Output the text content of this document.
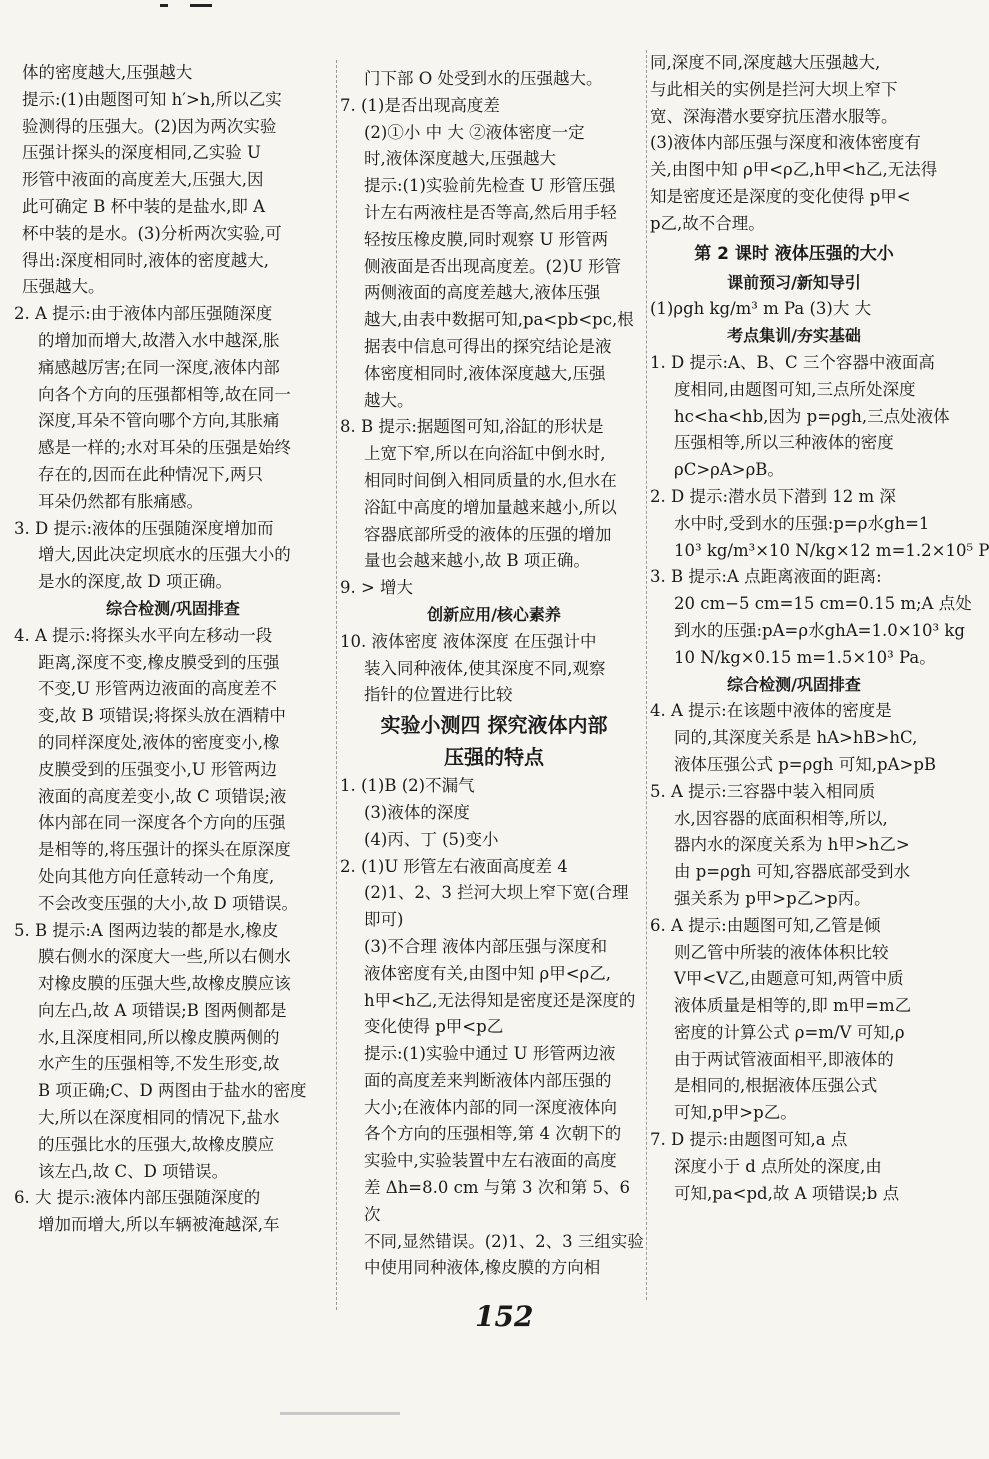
体的密度越大,压强越大

提示:(1)由题图可知 h′>h,所以乙实

验测得的压强大。(2)因为两次实验

压强计探头的深度相同,乙实验 U

形管中液面的高度差大,压强大,因

此可确定 B 杯中装的是盐水,即 A

杯中装的是水。(3)分析两次实验,可

得出:深度相同时,液体的密度越大,

压强越大。

2. A 提示:由于液体内部压强随深度

的增加而增大,故潜入水中越深,胀

痛感越厉害;在同一深度,液体内部

向各个方向的压强都相等,故在同一

深度,耳朵不管向哪个方向,其胀痛

感是一样的;水对耳朵的压强是始终

存在的,因而在此种情况下,两只

耳朵仍然都有胀痛感。

3. D 提示:液体的压强随深度增加而

增大,因此决定坝底水的压强大小的

是水的深度,故 D 项正确。

综合检测/巩固排查

4. A 提示:将探头水平向左移动一段

距离,深度不变,橡皮膜受到的压强

不变,U 形管两边液面的高度差不

变,故 B 项错误;将探头放在酒精中

的同样深度处,液体的密度变小,橡

皮膜受到的压强变小,U 形管两边

液面的高度差变小,故 C 项错误;液

体内部在同一深度各个方向的压强

是相等的,将压强计的探头在原深度

处向其他方向任意转动一个角度,

不会改变压强的大小,故 D 项错误。

5. B 提示:A 图两边装的都是水,橡皮

膜右侧水的深度大一些,所以右侧水

对橡皮膜的压强大些,故橡皮膜应该

向左凸,故 A 项错误;B 图两侧都是

水,且深度相同,所以橡皮膜两侧的

水产生的压强相等,不发生形变,故

B 项正确;C、D 两图由于盐水的密度

大,所以在深度相同的情况下,盐水

的压强比水的压强大,故橡皮膜应

该左凸,故 C、D 项错误。

6. 大 提示:液体内部压强随深度的

增加而增大,所以车辆被淹越深,车

门下部 O 处受到水的压强越大。

7. (1)是否出现高度差

(2)①小 中 大 ②液体密度一定

时,液体深度越大,压强越大

提示:(1)实验前先检查 U 形管压强

计左右两液柱是否等高,然后用手轻

轻按压橡皮膜,同时观察 U 形管两

侧液面是否出现高度差。(2)U 形管

两侧液面的高度差越大,液体压强

越大,由表中数据可知,pa<pb<pc,根

据表中信息可得出的探究结论是液

体密度相同时,液体深度越大,压强

越大。

8. B 提示:据题图可知,浴缸的形状是

上宽下窄,所以在向浴缸中倒水时,

相同时间倒入相同质量的水,但水在

浴缸中高度的增加量越来越小,所以

容器底部所受的液体的压强的增加

量也会越来越小,故 B 项正确。

9. > 增大

创新应用/核心素养

10. 液体密度 液体深度 在压强计中

装入同种液体,使其深度不同,观察

指针的位置进行比较

实验小测四 探究液体内部

压强的特点

1. (1)B (2)不漏气

(3)液体的深度

(4)丙、丁 (5)变小

2. (1)U 形管左右液面高度差 4

(2)1、2、3 拦河大坝上窄下宽(合理

即可)

(3)不合理 液体内部压强与深度和

液体密度有关,由图中知 ρ甲<ρ乙,

h甲<h乙,无法得知是密度还是深度的

变化使得 p甲<p乙

提示:(1)实验中通过 U 形管两边液

面的高度差来判断液体内部压强的

大小;在液体内部的同一深度液体向

各个方向的压强相等,第 4 次朝下的

实验中,实验装置中左右液面的高度

差 Δh=8.0 cm 与第 3 次和第 5、6 次

不同,显然错误。(2)1、2、3 三组实验

中使用同种液体,橡皮膜的方向相

同,深度不同,深度越大压强越大,

与此相关的实例是拦河大坝上窄下

宽、深海潜水要穿抗压潜水服等。

(3)液体内部压强与深度和液体密度有

关,由图中知 ρ甲<ρ乙,h甲<h乙,无法得

知是密度还是深度的变化使得 p甲<

p乙,故不合理。

第 2 课时 液体压强的大小

课前预习/新知导引

(1)ρgh kg/m³ m Pa (3)大 大

考点集训/夯实基础

1. D 提示:A、B、C 三个容器中液面高

度相同,由题图可知,三点所处深度

hc<ha<hb,因为 p=ρgh,三点处液体

压强相等,所以三种液体的密度

ρC>ρA>ρB。

2. D 提示:潜水员下潜到 12 m 深

水中时,受到水的压强:p=ρ水gh=1

10³ kg/m³×10 N/kg×12 m=1.2×10⁵ P

3. B 提示:A 点距离液面的距离:

20 cm−5 cm=15 cm=0.15 m;A 点处

到水的压强:pA=ρ水ghA=1.0×10³ kg

10 N/kg×0.15 m=1.5×10³ Pa。

综合检测/巩固排查

4. A 提示:在该题中液体的密度是

同的,其深度关系是 hA>hB>hC,

液体压强公式 p=ρgh 可知,pA>pB

5. A 提示:三容器中装入相同质

水,因容器的底面积相等,所以,

器内水的深度关系为 h甲>h乙>

由 p=ρgh 可知,容器底部受到水

强关系为 p甲>p乙>p丙。

6. A 提示:由题图可知,乙管是倾

则乙管中所装的液体体积比较

V甲<V乙,由题意可知,两管中质

液体质量是相等的,即 m甲=m乙

密度的计算公式 ρ=m/V 可知,ρ

由于两试管液面相平,即液体的

是相同的,根据液体压强公式

可知,p甲>p乙。

7. D 提示:由题图可知,a 点

深度小于 d 点所处的深度,由

可知,pa<pd,故 A 项错误;b 点

152
